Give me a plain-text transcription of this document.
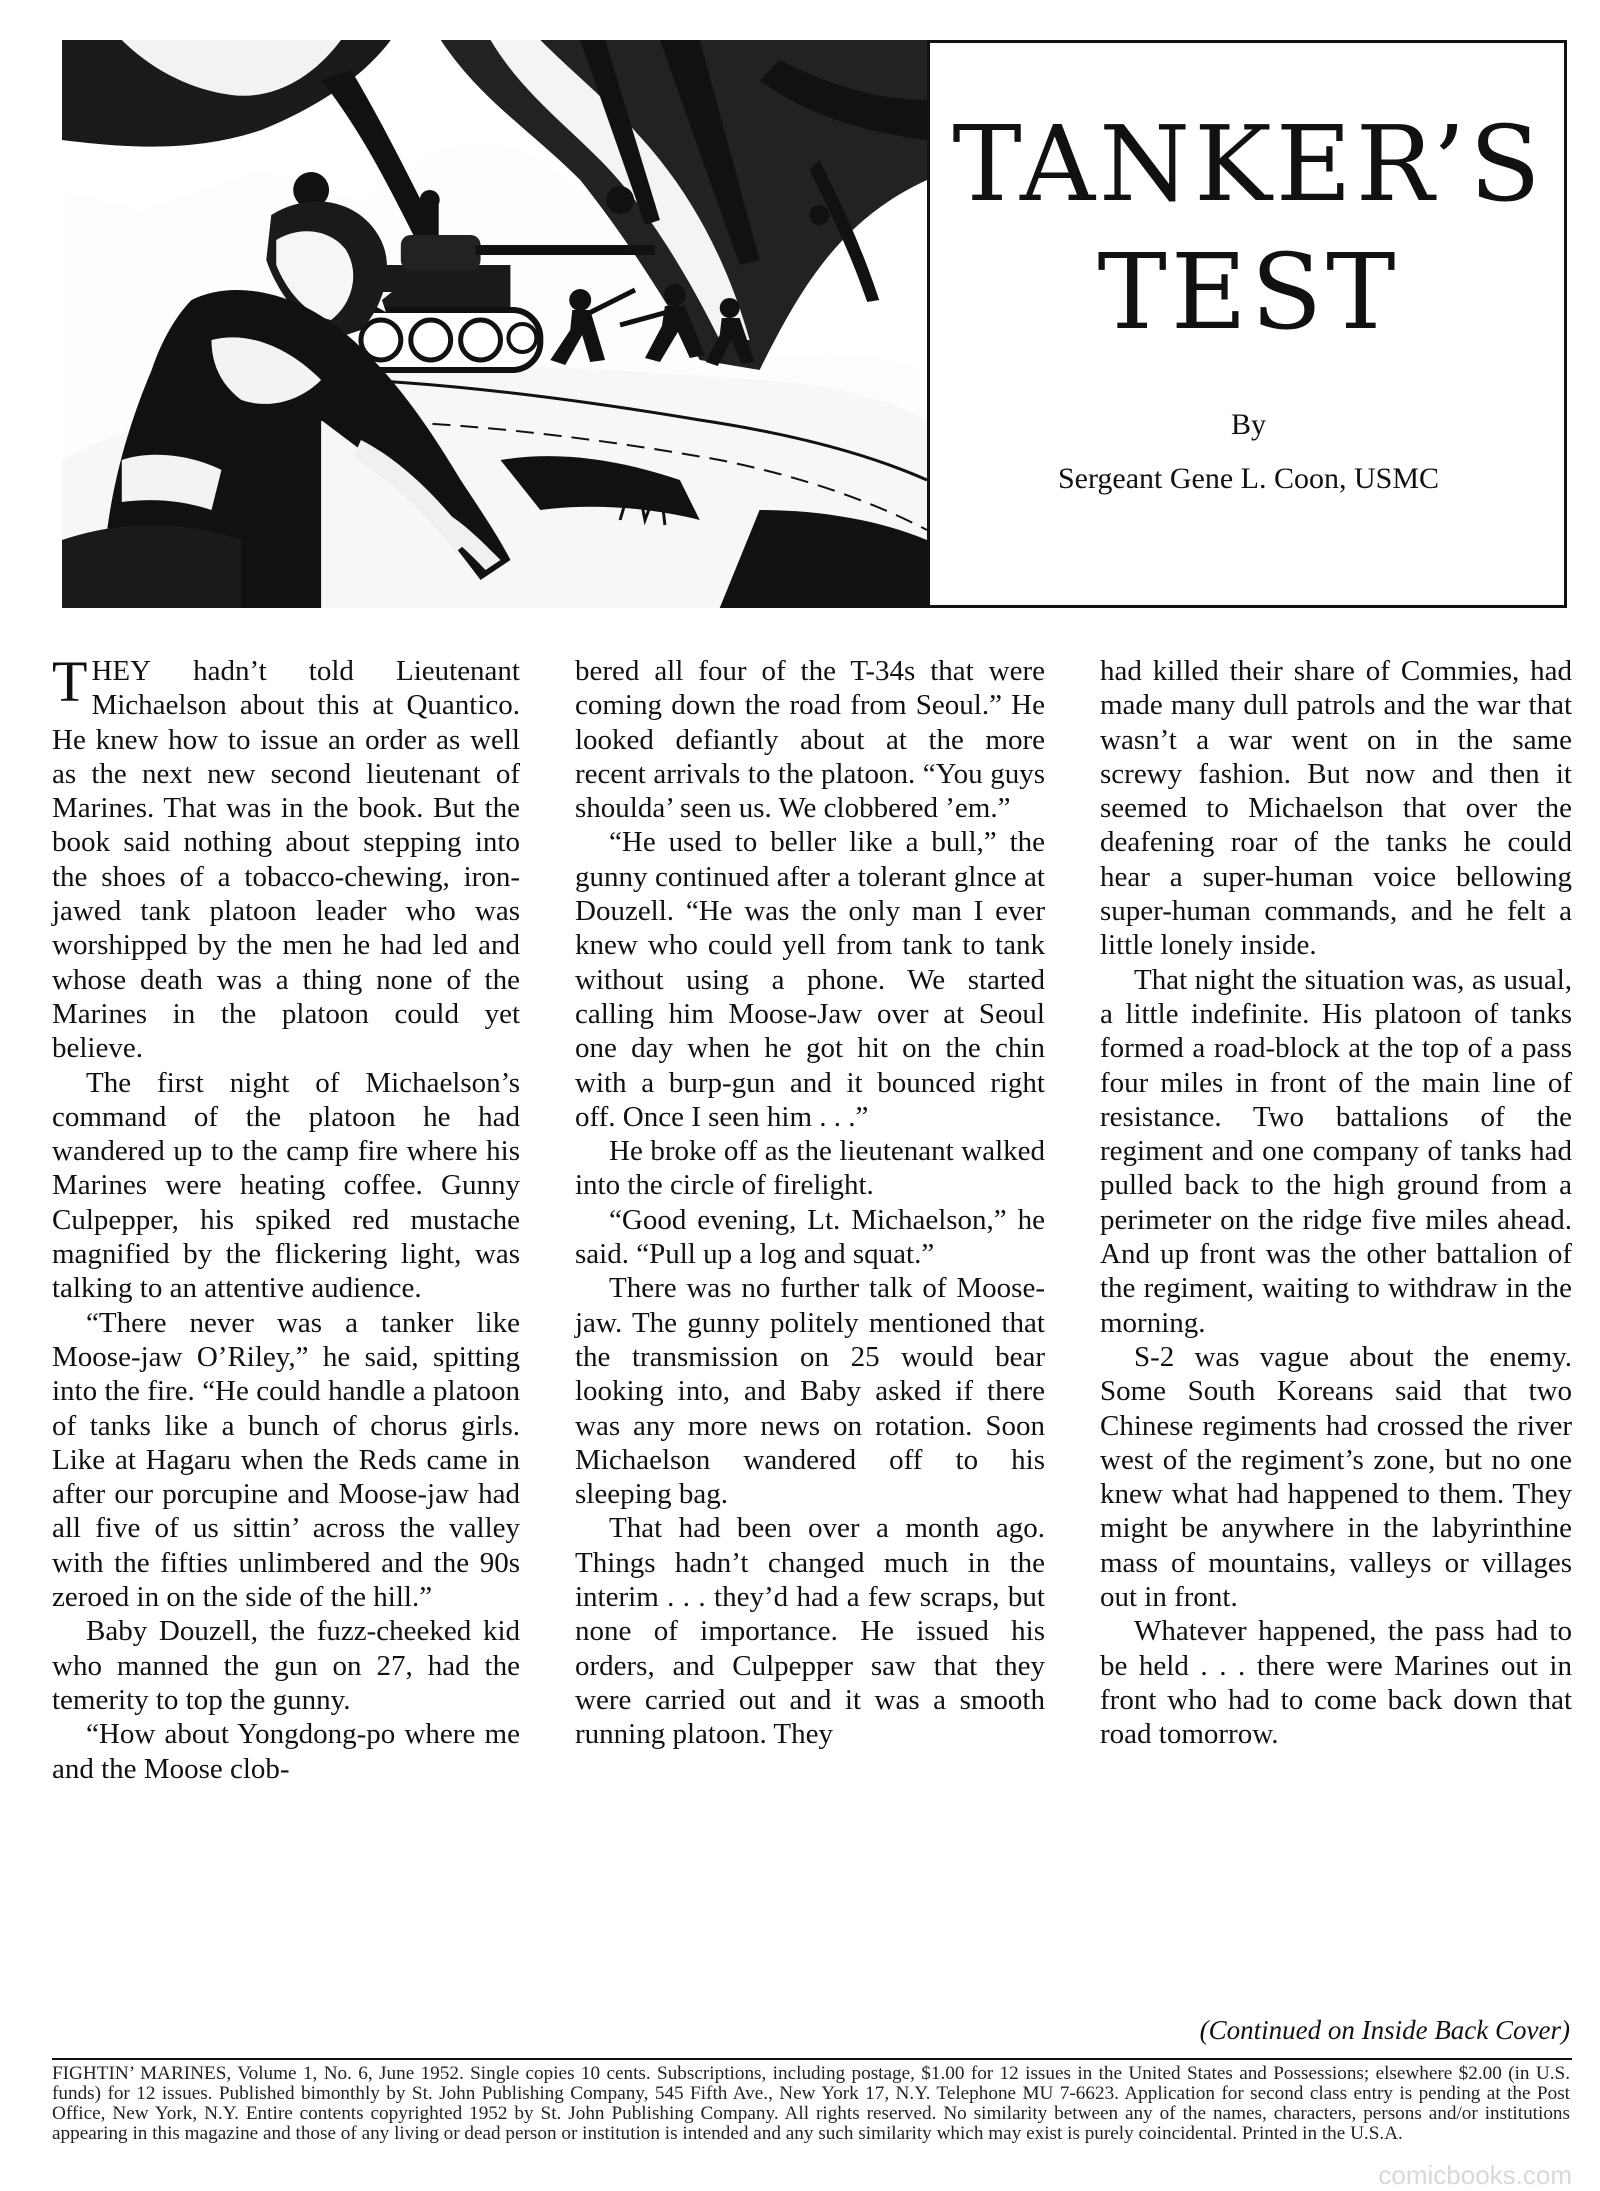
TANKER’S
TEST
By
Sergeant Gene L. Coon, USMC

THEY hadn’t told Lieutenant Michaelson about this at Quantico. He knew how to issue an order as well as the next new second lieutenant of Marines. That was in the book. But the book said nothing about stepping into the shoes of a tobacco-chewing, iron-jawed tank platoon leader who was worshipped by the men he had led and whose death was a thing none of the Marines in the platoon could yet believe.

The first night of Michaelson’s command of the platoon he had wandered up to the camp fire where his Marines were heating coffee. Gunny Culpepper, his spiked red mustache magnified by the flickering light, was talking to an attentive audience.

“There never was a tanker like Moose-jaw O’Riley,” he said, spitting into the fire. “He could handle a platoon of tanks like a bunch of chorus girls. Like at Hagaru when the Reds came in after our porcupine and Moose-jaw had all five of us sittin’ across the valley with the fifties unlimbered and the 90s zeroed in on the side of the hill.”

Baby Douzell, the fuzz-cheeked kid who manned the gun on 27, had the temerity to top the gunny.

“How about Yongdong-po where me and the Moose clob-

bered all four of the T-34s that were coming down the road from Seoul.” He looked defiantly about at the more recent arrivals to the platoon. “You guys shoulda’ seen us. We clobbered ’em.”

“He used to beller like a bull,” the gunny continued after a tolerant glnce at Douzell. “He was the only man I ever knew who could yell from tank to tank without using a phone. We started calling him Moose-Jaw over at Seoul one day when he got hit on the chin with a burp-gun and it bounced right off. Once I seen him . . .”

He broke off as the lieutenant walked into the circle of firelight.

“Good evening, Lt. Michaelson,” he said. “Pull up a log and squat.”

There was no further talk of Moose-jaw. The gunny politely mentioned that the transmission on 25 would bear looking into, and Baby asked if there was any more news on rotation. Soon Michaelson wandered off to his sleeping bag.

That had been over a month ago. Things hadn’t changed much in the interim . . . they’d had a few scraps, but none of importance. He issued his orders, and Culpepper saw that they were carried out and it was a smooth running platoon. They

had killed their share of Commies, had made many dull patrols and the war that wasn’t a war went on in the same screwy fashion. But now and then it seemed to Michaelson that over the deafening roar of the tanks he could hear a super-human voice bellowing super-human commands, and he felt a little lonely inside.

That night the situation was, as usual, a little indefinite. His platoon of tanks formed a road-block at the top of a pass four miles in front of the main line of resistance. Two battalions of the regiment and one company of tanks had pulled back to the high ground from a perimeter on the ridge five miles ahead. And up front was the other battalion of the regiment, waiting to withdraw in the morning.

S-2 was vague about the enemy. Some South Koreans said that two Chinese regiments had crossed the river west of the regiment’s zone, but no one knew what had happened to them. They might be anywhere in the labyrinthine mass of mountains, valleys or villages out in front.

Whatever happened, the pass had to be held . . . there were Marines out in front who had to come back down that road tomorrow.

(Continued on Inside Back Cover)
FIGHTIN’ MARINES, Volume 1, No. 6, June 1952. Single copies 10 cents. Subscriptions, including postage, $1.00 for 12 issues in the United States and Possessions; elsewhere $2.00 (in U.S. funds) for 12 issues. Published bimonthly by St. John Publishing Company, 545 Fifth Ave., New York 17, N.Y. Telephone MU 7-6623. Application for second class entry is pending at the Post Office, New York, N.Y. Entire contents copyrighted 1952 by St. John Publishing Company. All rights reserved. No similarity between any of the names, characters, persons and/or institutions appearing in this magazine and those of any living or dead person or institution is intended and any such similarity which may exist is purely coincidental. Printed in the U.S.A.
comicbooks.com
